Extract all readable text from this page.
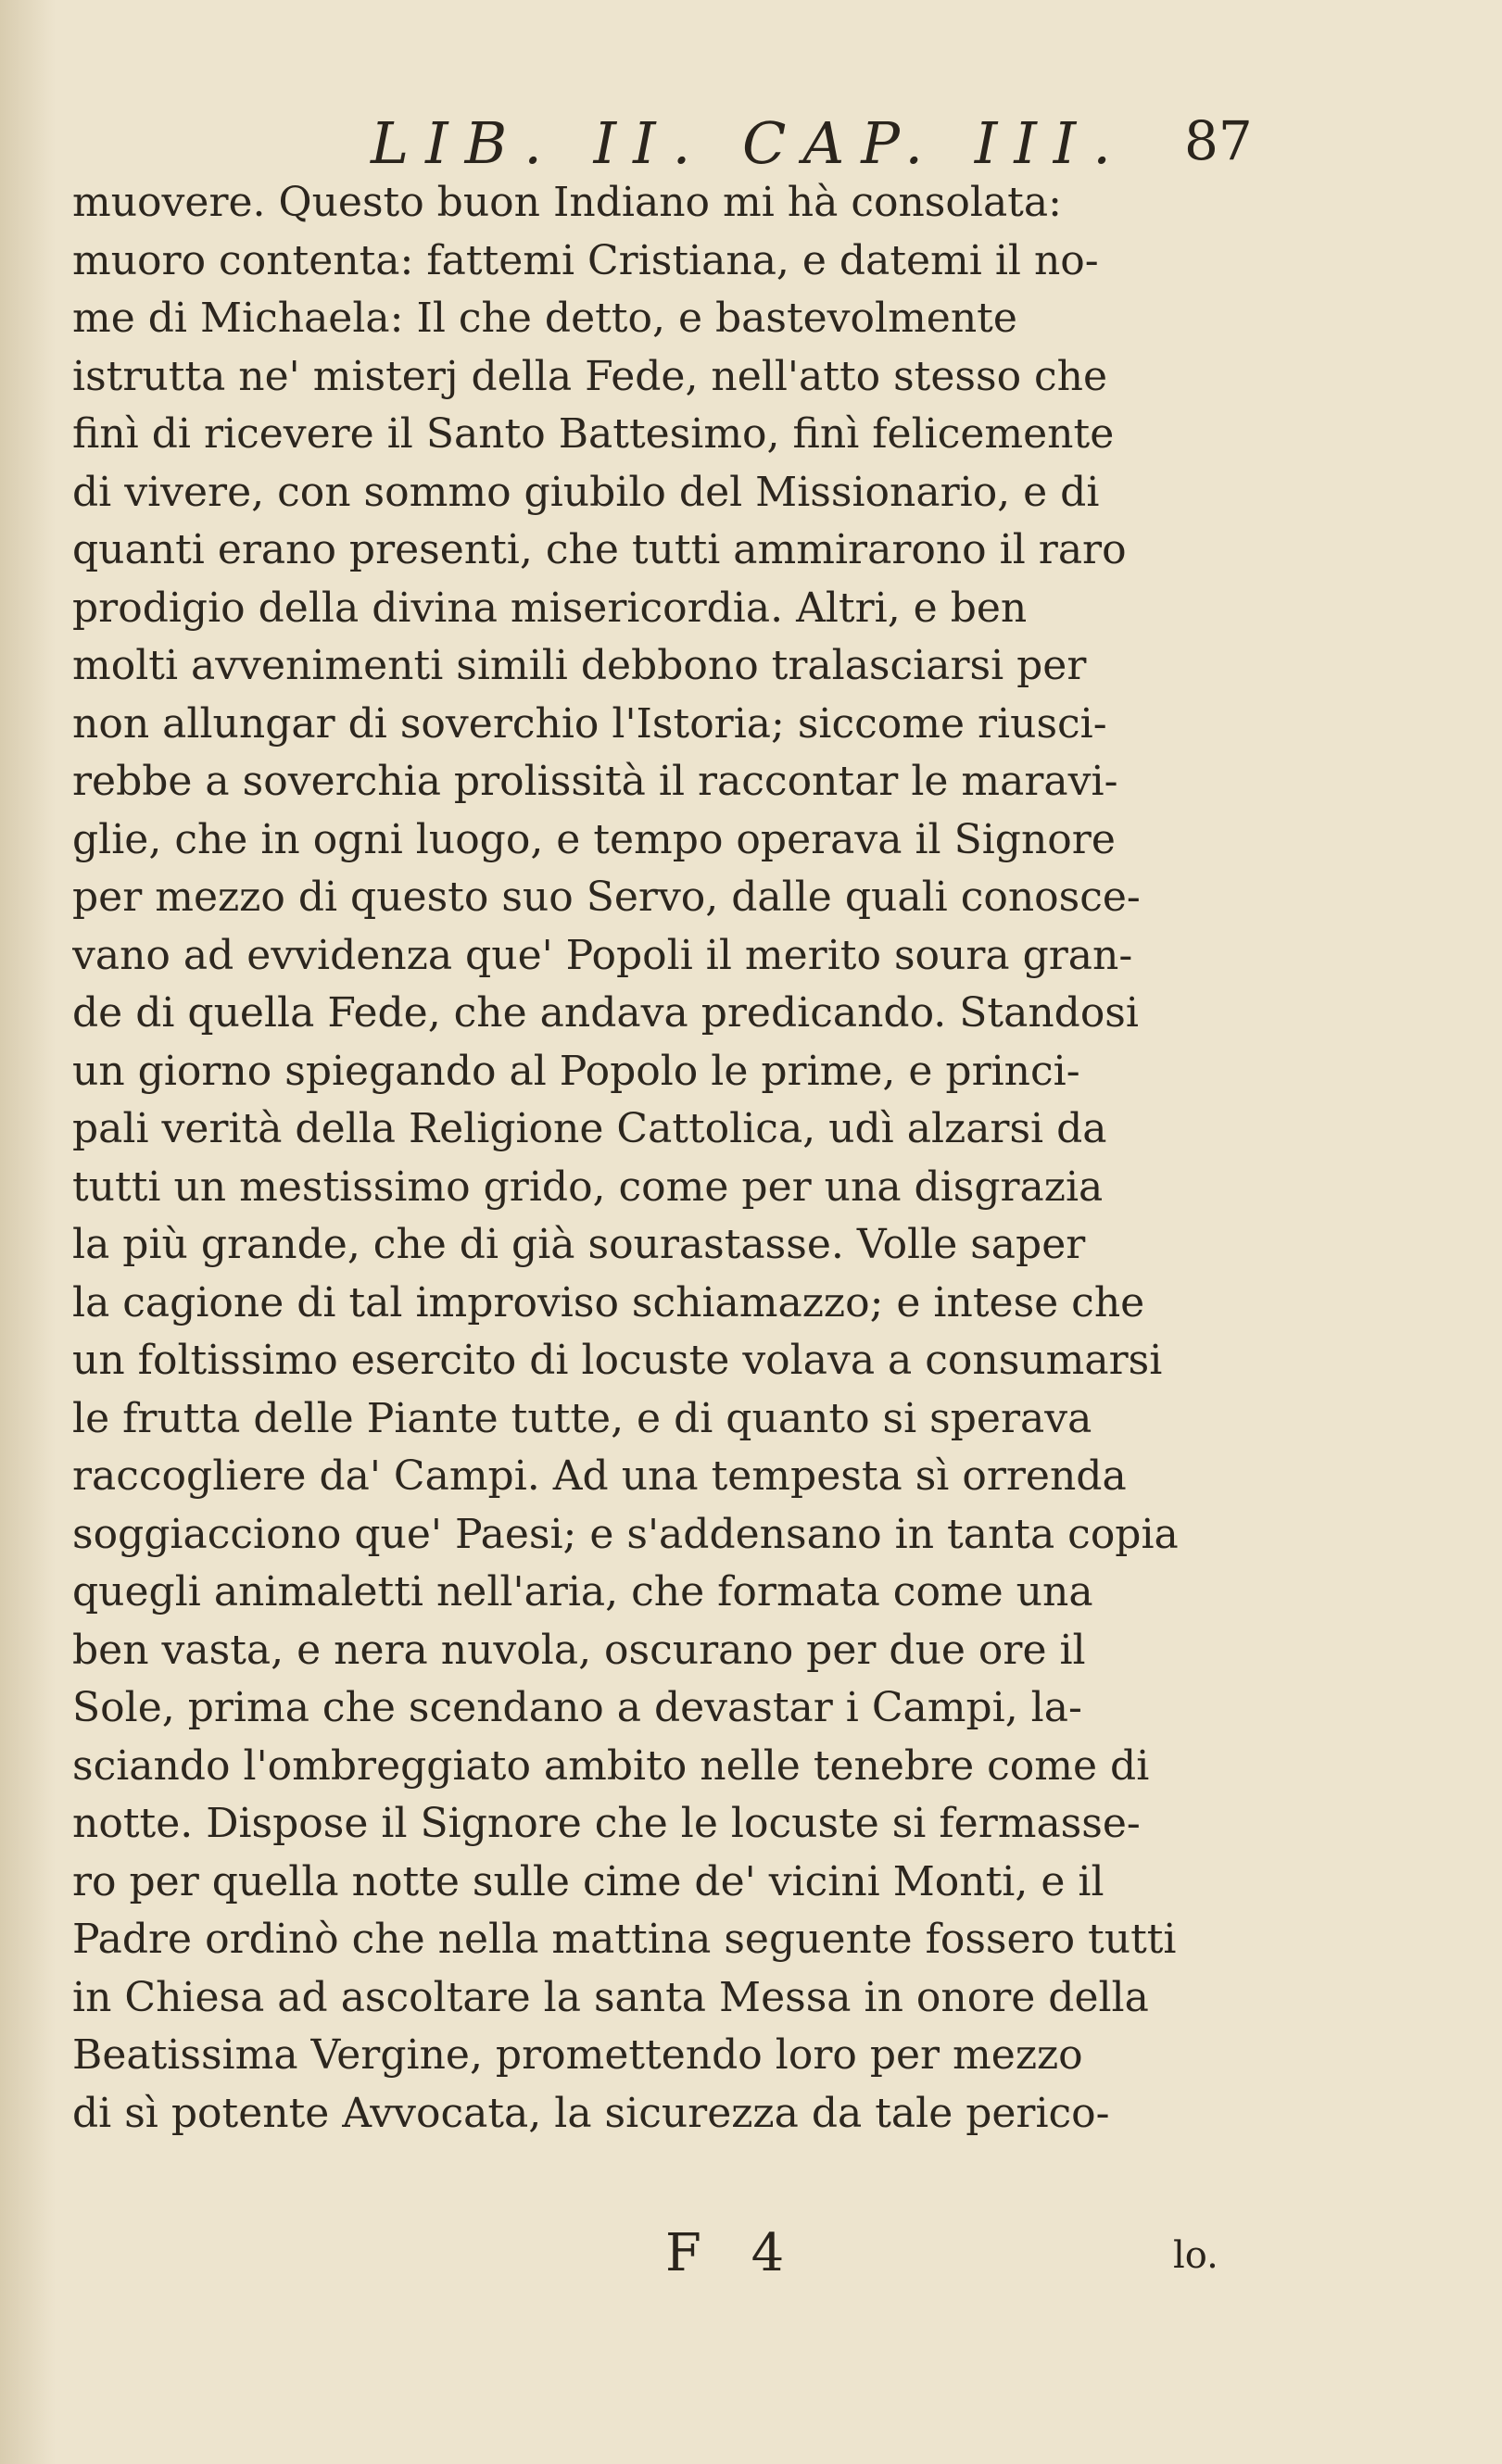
LIB. II. CAP. III. 87
muovere. Questo buon Indiano mi hà consolata:
muoro contenta: fattemi Cristiana, e datemi il no-
me di Michaela: Il che detto, e bastevolmente
istrutta ne' misterj della Fede, nell'atto stesso che
finì di ricevere il Santo Battesimo, finì felicemente
di vivere, con sommo giubilo del Missionario, e di
quanti erano presenti, che tutti ammirarono il raro
prodigio della divina misericordia. Altri, e ben
molti avvenimenti simili debbono tralasciarsi per
non allungar di soverchio l'Istoria; siccome riusci-
rebbe a soverchia prolissità il raccontar le maravi-
glie, che in ogni luogo, e tempo operava il Signore
per mezzo di questo suo Servo, dalle quali conosce-
vano ad evvidenza que' Popoli il merito soura gran-
de di quella Fede, che andava predicando. Standosi
un giorno spiegando al Popolo le prime, e princi-
pali verità della Religione Cattolica, udì alzarsi da
tutti un mestissimo grido, come per una disgrazia
la più grande, che di già sourastasse. Volle saper
la cagione di tal improviso schiamazzo; e intese che
un foltissimo esercito di locuste volava a consumarsi
le frutta delle Piante tutte, e di quanto si sperava
raccogliere da' Campi. Ad una tempesta sì orrenda
soggiacciono que' Paesi; e s'addensano in tanta copia
quegli animaletti nell'aria, che formata come una
ben vasta, e nera nuvola, oscurano per due ore il
Sole, prima che scendano a devastar i Campi, la-
sciando l'ombreggiato ambito nelle tenebre come di
notte. Dispose il Signore che le locuste si fermasse-
ro per quella notte sulle cime de' vicini Monti, e il
Padre ordinò che nella mattina seguente fossero tutti
in Chiesa ad ascoltare la santa Messa in onore della
Beatissima Vergine, promettendo loro per mezzo
di sì potente Avvocata, la sicurezza da tale perico-
F 4	lo.
